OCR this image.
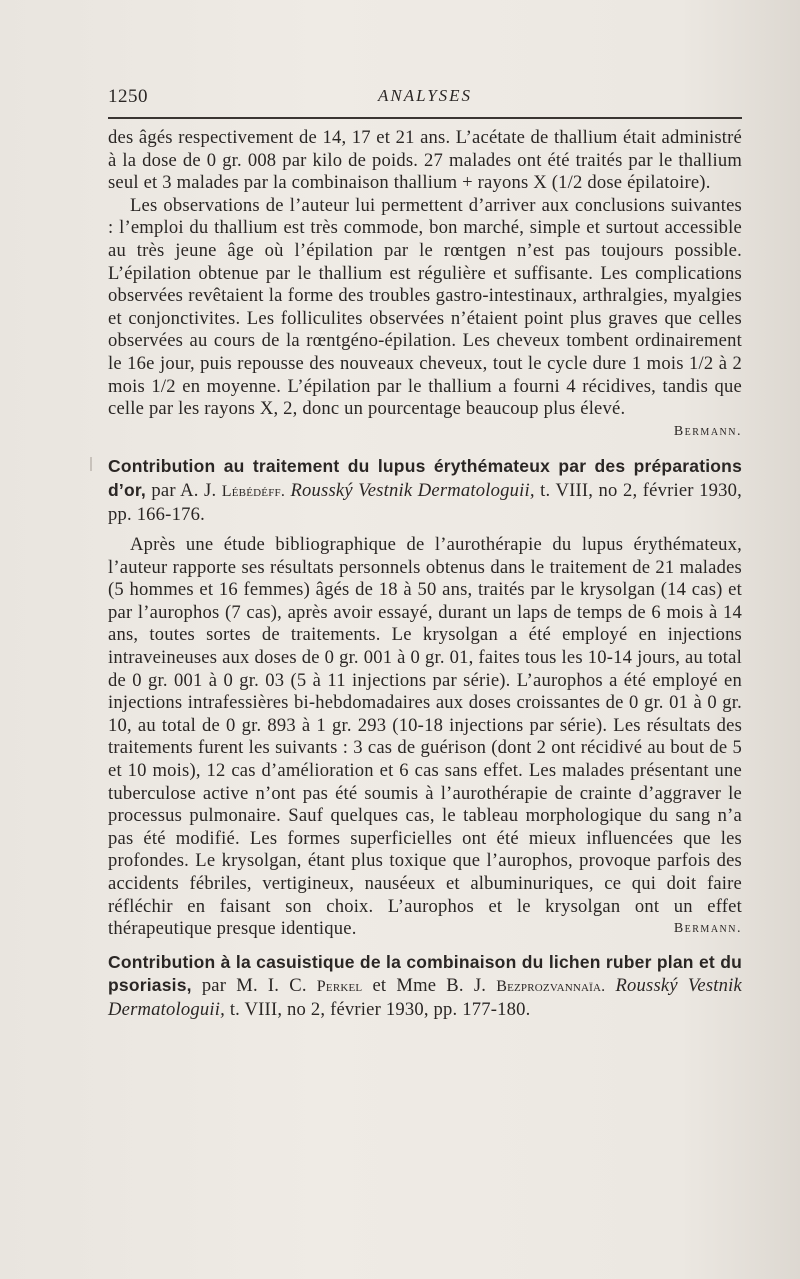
1250	ANALYSES

des âgés respectivement de 14, 17 et 21 ans. L’acétate de thallium était administré à la dose de 0 gr. 008 par kilo de poids. 27 malades ont été traités par le thallium seul et 3 malades par la combinaison thallium + rayons X (1/2 dose épilatoire).

Les observations de l’auteur lui permettent d’arriver aux conclusions suivantes : l’emploi du thallium est très commode, bon marché, simple et surtout accessible au très jeune âge où l’épilation par le rœntgen n’est pas toujours possible. L’épilation obtenue par le thallium est régulière et suffisante. Les complications observées revêtaient la forme des troubles gastro-intestinaux, arthralgies, myalgies et conjonctivites. Les folliculites observées n’étaient point plus graves que celles observées au cours de la rœntgéno-épilation. Les cheveux tombent ordinairement le 16e jour, puis repousse des nouveaux cheveux, tout le cycle dure 1 mois 1/2 à 2 mois 1/2 en moyenne. L’épilation par le thallium a fourni 4 récidives, tandis que celle par les rayons X, 2, donc un pourcentage beaucoup plus élevé.

Bermann.

Contribution au traitement du lupus érythémateux par des préparations d’or, par A. J. Lébédéff. Rousský Vestnik Dermatologuii, t. VIII, no 2, février 1930, pp. 166-176.

Après une étude bibliographique de l’aurothérapie du lupus érythémateux, l’auteur rapporte ses résultats personnels obtenus dans le traitement de 21 malades (5 hommes et 16 femmes) âgés de 18 à 50 ans, traités par le krysolgan (14 cas) et par l’aurophos (7 cas), après avoir essayé, durant un laps de temps de 6 mois à 14 ans, toutes sortes de traitements. Le krysolgan a été employé en injections intraveineuses aux doses de 0 gr. 001 à 0 gr. 01, faites tous les 10-14 jours, au total de 0 gr. 001 à 0 gr. 03 (5 à 11 injections par série). L’aurophos a été employé en injections intrafessières bi-hebdomadaires aux doses croissantes de 0 gr. 01 à 0 gr. 10, au total de 0 gr. 893 à 1 gr. 293 (10-18 injections par série). Les résultats des traitements furent les suivants : 3 cas de guérison (dont 2 ont récidivé au bout de 5 et 10 mois), 12 cas d’amélioration et 6 cas sans effet. Les malades présentant une tuberculose active n’ont pas été soumis à l’aurothérapie de crainte d’aggraver le processus pulmonaire. Sauf quelques cas, le tableau morphologique du sang n’a pas été modifié. Les formes superficielles ont été mieux influencées que les profondes. Le krysolgan, étant plus toxique que l’aurophos, provoque parfois des accidents fébriles, vertigineux, nauséeux et albuminuriques, ce qui doit faire réfléchir en faisant son choix. L’aurophos et le krysolgan ont un effet thérapeutique presque identique.	Bermann.

Contribution à la casuistique de la combinaison du lichen ruber plan et du psoriasis, par M. I. C. Perkel et Mme B. J. Bezprozvannaïa. Rousský Vestnik Dermatologuii, t. VIII, no 2, février 1930, pp. 177-180.
